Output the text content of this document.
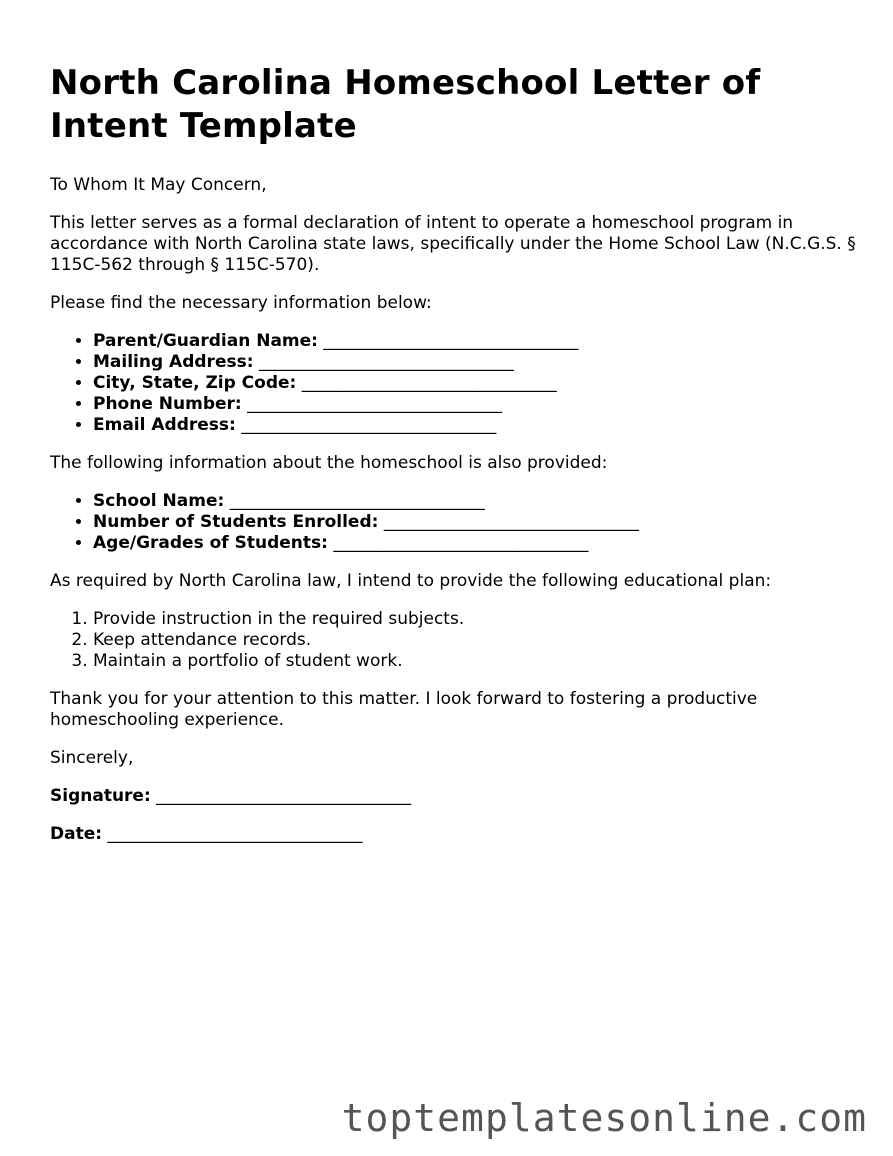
North Carolina Homeschool Letter of Intent Template

To Whom It May Concern,

This letter serves as a formal declaration of intent to operate a homeschool program in accordance with North Carolina state laws, specifically under the Home School Law (N.C.G.S. § 115C-562 through § 115C-570).

Please find the necessary information below:

• Parent/Guardian Name: ______________________________
• Mailing Address: ______________________________
• City, State, Zip Code: ______________________________
• Phone Number: ______________________________
• Email Address: ______________________________

The following information about the homeschool is also provided:

• School Name: ______________________________
• Number of Students Enrolled: ______________________________
• Age/Grades of Students: ______________________________

As required by North Carolina law, I intend to provide the following educational plan:

1. Provide instruction in the required subjects.
2. Keep attendance records.
3. Maintain a portfolio of student work.

Thank you for your attention to this matter. I look forward to fostering a productive homeschooling experience.

Sincerely,

Signature: ______________________________

Date: ______________________________

toptemplatesonline.com
